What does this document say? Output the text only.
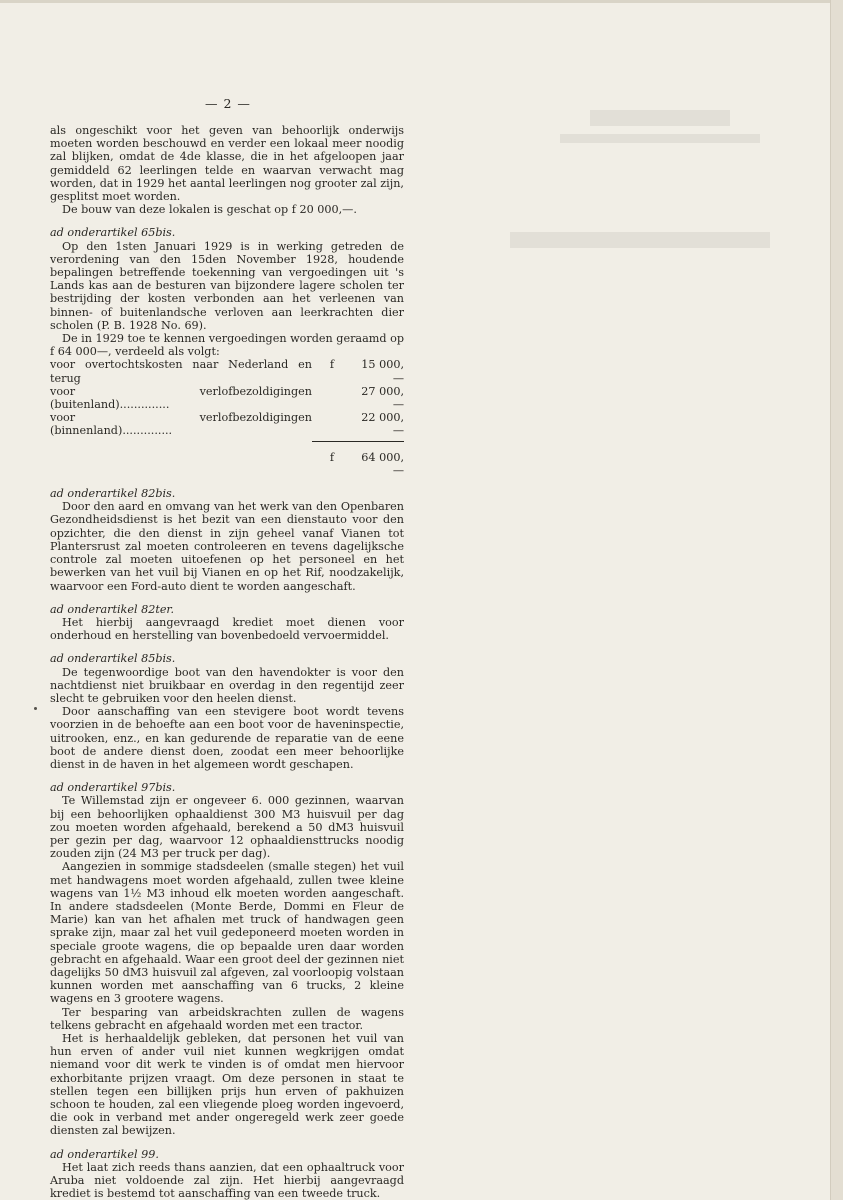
— 2 —

als ongeschikt voor het geven van behoorlijk onderwijs moeten worden beschouwd en verder een lokaal meer noodig zal blijken, omdat de 4de klasse, die in het afgeloopen jaar gemiddeld 62 leerlingen telde en waarvan verwacht mag worden, dat in 1929 het aantal leerlingen nog grooter zal zijn, gesplitst moet worden.

De bouw van deze lokalen is geschat op f 20 000,—.

ad onderartikel 65bis.

Op den 1sten Januari 1929 is in werking getreden de verordening van den 15den November 1928, houdende bepalingen betreffende toekenning van vergoedingen uit 's Lands kas aan de besturen van bijzondere lagere scholen ter bestrijding der kosten verbonden aan het verleenen van binnen- of buitenlandsche verloven aan leerkrachten dier scholen (P. B. 1928 No. 69).

De in 1929 toe te kennen vergoedingen worden geraamd op f 64 000—, verdeeld als volgt:

voor overtochtskosten naar Nederland en terug	f	15 000,—
voor verlofbezoldigingen (buitenland)..............		27 000,—
voor verlofbezoldigingen (binnenland)..............		22 000,—
	f	64 000,—

ad onderartikel 82bis.

Door den aard en omvang van het werk van den Openbaren Gezondheidsdienst is het bezit van een dienstauto voor den opzichter, die den dienst in zijn geheel vanaf Vianen tot Plantersrust zal moeten controleeren en tevens dagelijksche controle zal moeten uitoefenen op het personeel en het bewerken van het vuil bij Vianen en op het Rif, noodzakelijk, waarvoor een Ford-auto dient te worden aangeschaft.

ad onderartikel 82ter.

Het hierbij aangevraagd krediet moet dienen voor onderhoud en herstelling van bovenbedoeld vervoermiddel.

ad onderartikel 85bis.

De tegenwoordige boot van den havendokter is voor den nachtdienst niet bruikbaar en overdag in den regentijd zeer slecht te gebruiken voor den heelen dienst.

Door aanschaffing van een stevigere boot wordt tevens voorzien in de behoefte aan een boot voor de haveninspectie, uitrooken, enz., en kan gedurende de reparatie van de eene boot de andere dienst doen, zoodat een meer behoorlijke dienst in de haven in het algemeen wordt geschapen.

ad onderartikel 97bis.

Te Willemstad zijn er ongeveer 6. 000 gezinnen, waarvan bij een behoorlijken ophaaldienst 300 M3 huisvuil per dag zou moeten worden afgehaald, berekend a 50 dM3 huisvuil per gezin per dag, waarvoor 12 ophaaldiensttrucks noodig zouden zijn (24 M3 per truck per dag).

Aangezien in sommige stadsdeelen (smalle stegen) het vuil met handwagens moet worden afgehaald, zullen twee kleine wagens van 1½ M3 inhoud elk moeten worden aangeschaft. In andere stadsdeelen (Monte Berde, Dommi en Fleur de Marie) kan van het afhalen met truck of handwagen geen sprake zijn, maar zal het vuil gedeponeerd moeten worden in speciale groote wagens, die op bepaalde uren daar worden gebracht en afgehaald. Waar een groot deel der gezinnen niet dagelijks 50 dM3 huisvuil zal afgeven, zal voorloopig volstaan kunnen worden met aanschaffing van 6 trucks, 2 kleine wagens en 3 grootere wagens.

Ter besparing van arbeidskrachten zullen de wagens telkens gebracht en afgehaald worden met een tractor.

Het is herhaaldelijk gebleken, dat personen het vuil van hun erven of ander vuil niet kunnen wegkrijgen omdat niemand voor dit werk te vinden is of omdat men hiervoor exhorbitante prijzen vraagt. Om deze personen in staat te stellen tegen een billijken prijs hun erven of pakhuizen schoon te houden, zal een vliegende ploeg worden ingevoerd, die ook in verband met ander ongeregeld werk zeer goede diensten zal bewijzen.

ad onderartikel 99.

Het laat zich reeds thans aanzien, dat een ophaaltruck voor Aruba niet voldoende zal zijn. Het hierbij aangevraagd krediet is bestemd tot aanschaffing van een tweede truck.
